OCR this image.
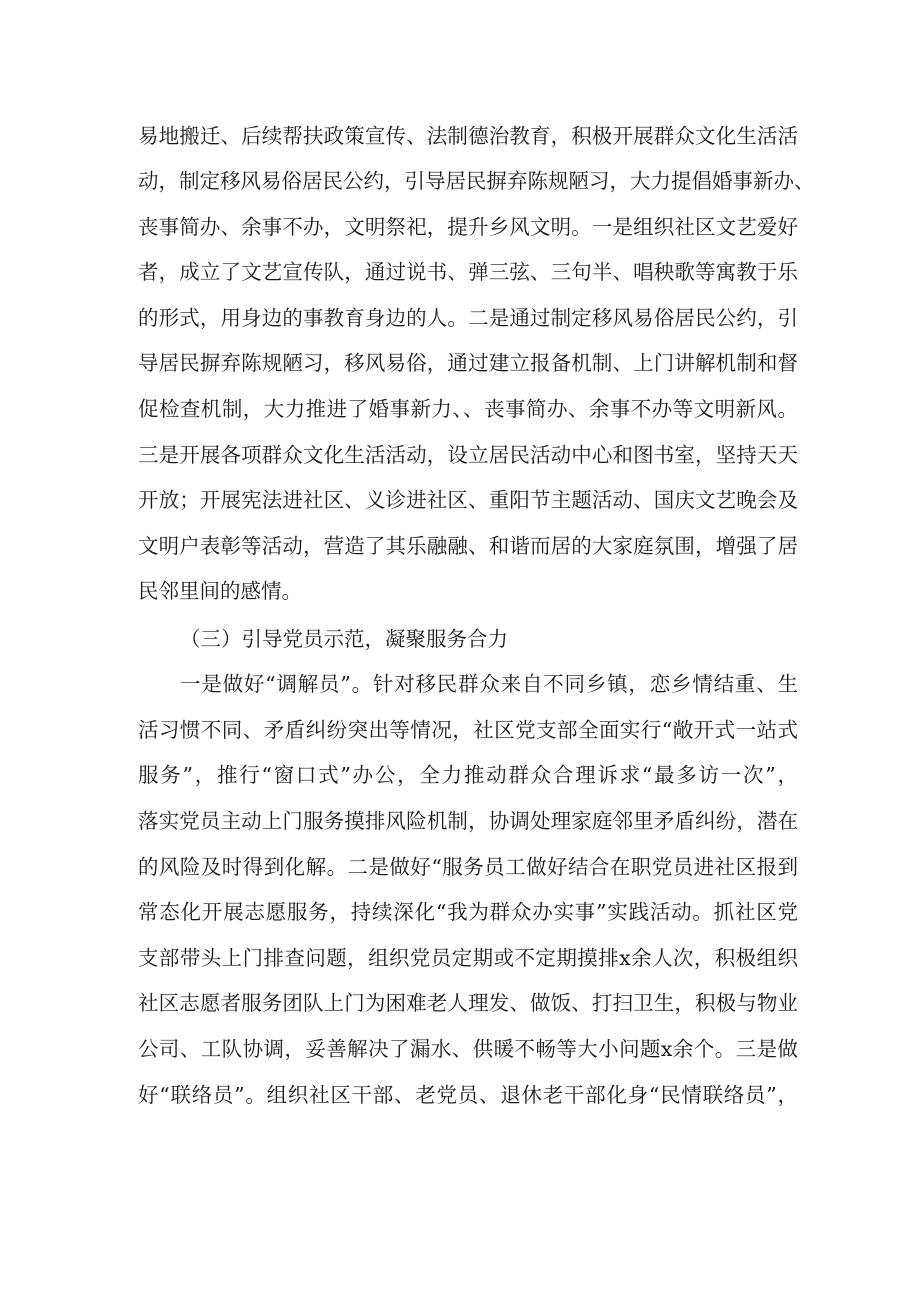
易地搬迁、后续帮扶政策宣传、法制德治教育，积极开展群众文化生活活
动，制定移风易俗居民公约，引导居民摒弃陈规陋习，大力提倡婚事新办、
丧事简办、余事不办，文明祭祀，提升乡风文明。一是组织社区文艺爱好
者，成立了文艺宣传队，通过说书、弹三弦、三句半、唱秧歌等寓教于乐
的形式，用身边的事教育身边的人。二是通过制定移风易俗居民公约，引
导居民摒弃陈规陋习，移风易俗，通过建立报备机制、上门讲解机制和督
促检查机制，大力推进了婚事新力、、丧事简办、余事不办等文明新风。
三是开展各项群众文化生活活动，设立居民活动中心和图书室，坚持天天
开放；开展宪法进社区、义诊进社区、重阳节主题活动、国庆文艺晚会及
文明户表彰等活动，营造了其乐融融、和谐而居的大家庭氛围，增强了居
民邻里间的感情。
（三）引导党员示范，凝聚服务合力
一是做好“调解员”。针对移民群众来自不同乡镇，恋乡情结重、生
活习惯不同、矛盾纠纷突出等情况，社区党支部全面实行“敞开式一站式
服务”，推行“窗口式”办公，全力推动群众合理诉求“最多访一次”，
落实党员主动上门服务摸排风险机制，协调处理家庭邻里矛盾纠纷，潜在
的风险及时得到化解。二是做好“服务员工做好结合在职党员进社区报到
常态化开展志愿服务，持续深化“我为群众办实事”实践活动。抓社区党
支部带头上门排查问题，组织党员定期或不定期摸排x余人次，积极组织
社区志愿者服务团队上门为困难老人理发、做饭、打扫卫生，积极与物业
公司、工队协调，妥善解决了漏水、供暖不畅等大小问题x余个。三是做
好“联络员”。组织社区干部、老党员、退休老干部化身“民情联络员”，
